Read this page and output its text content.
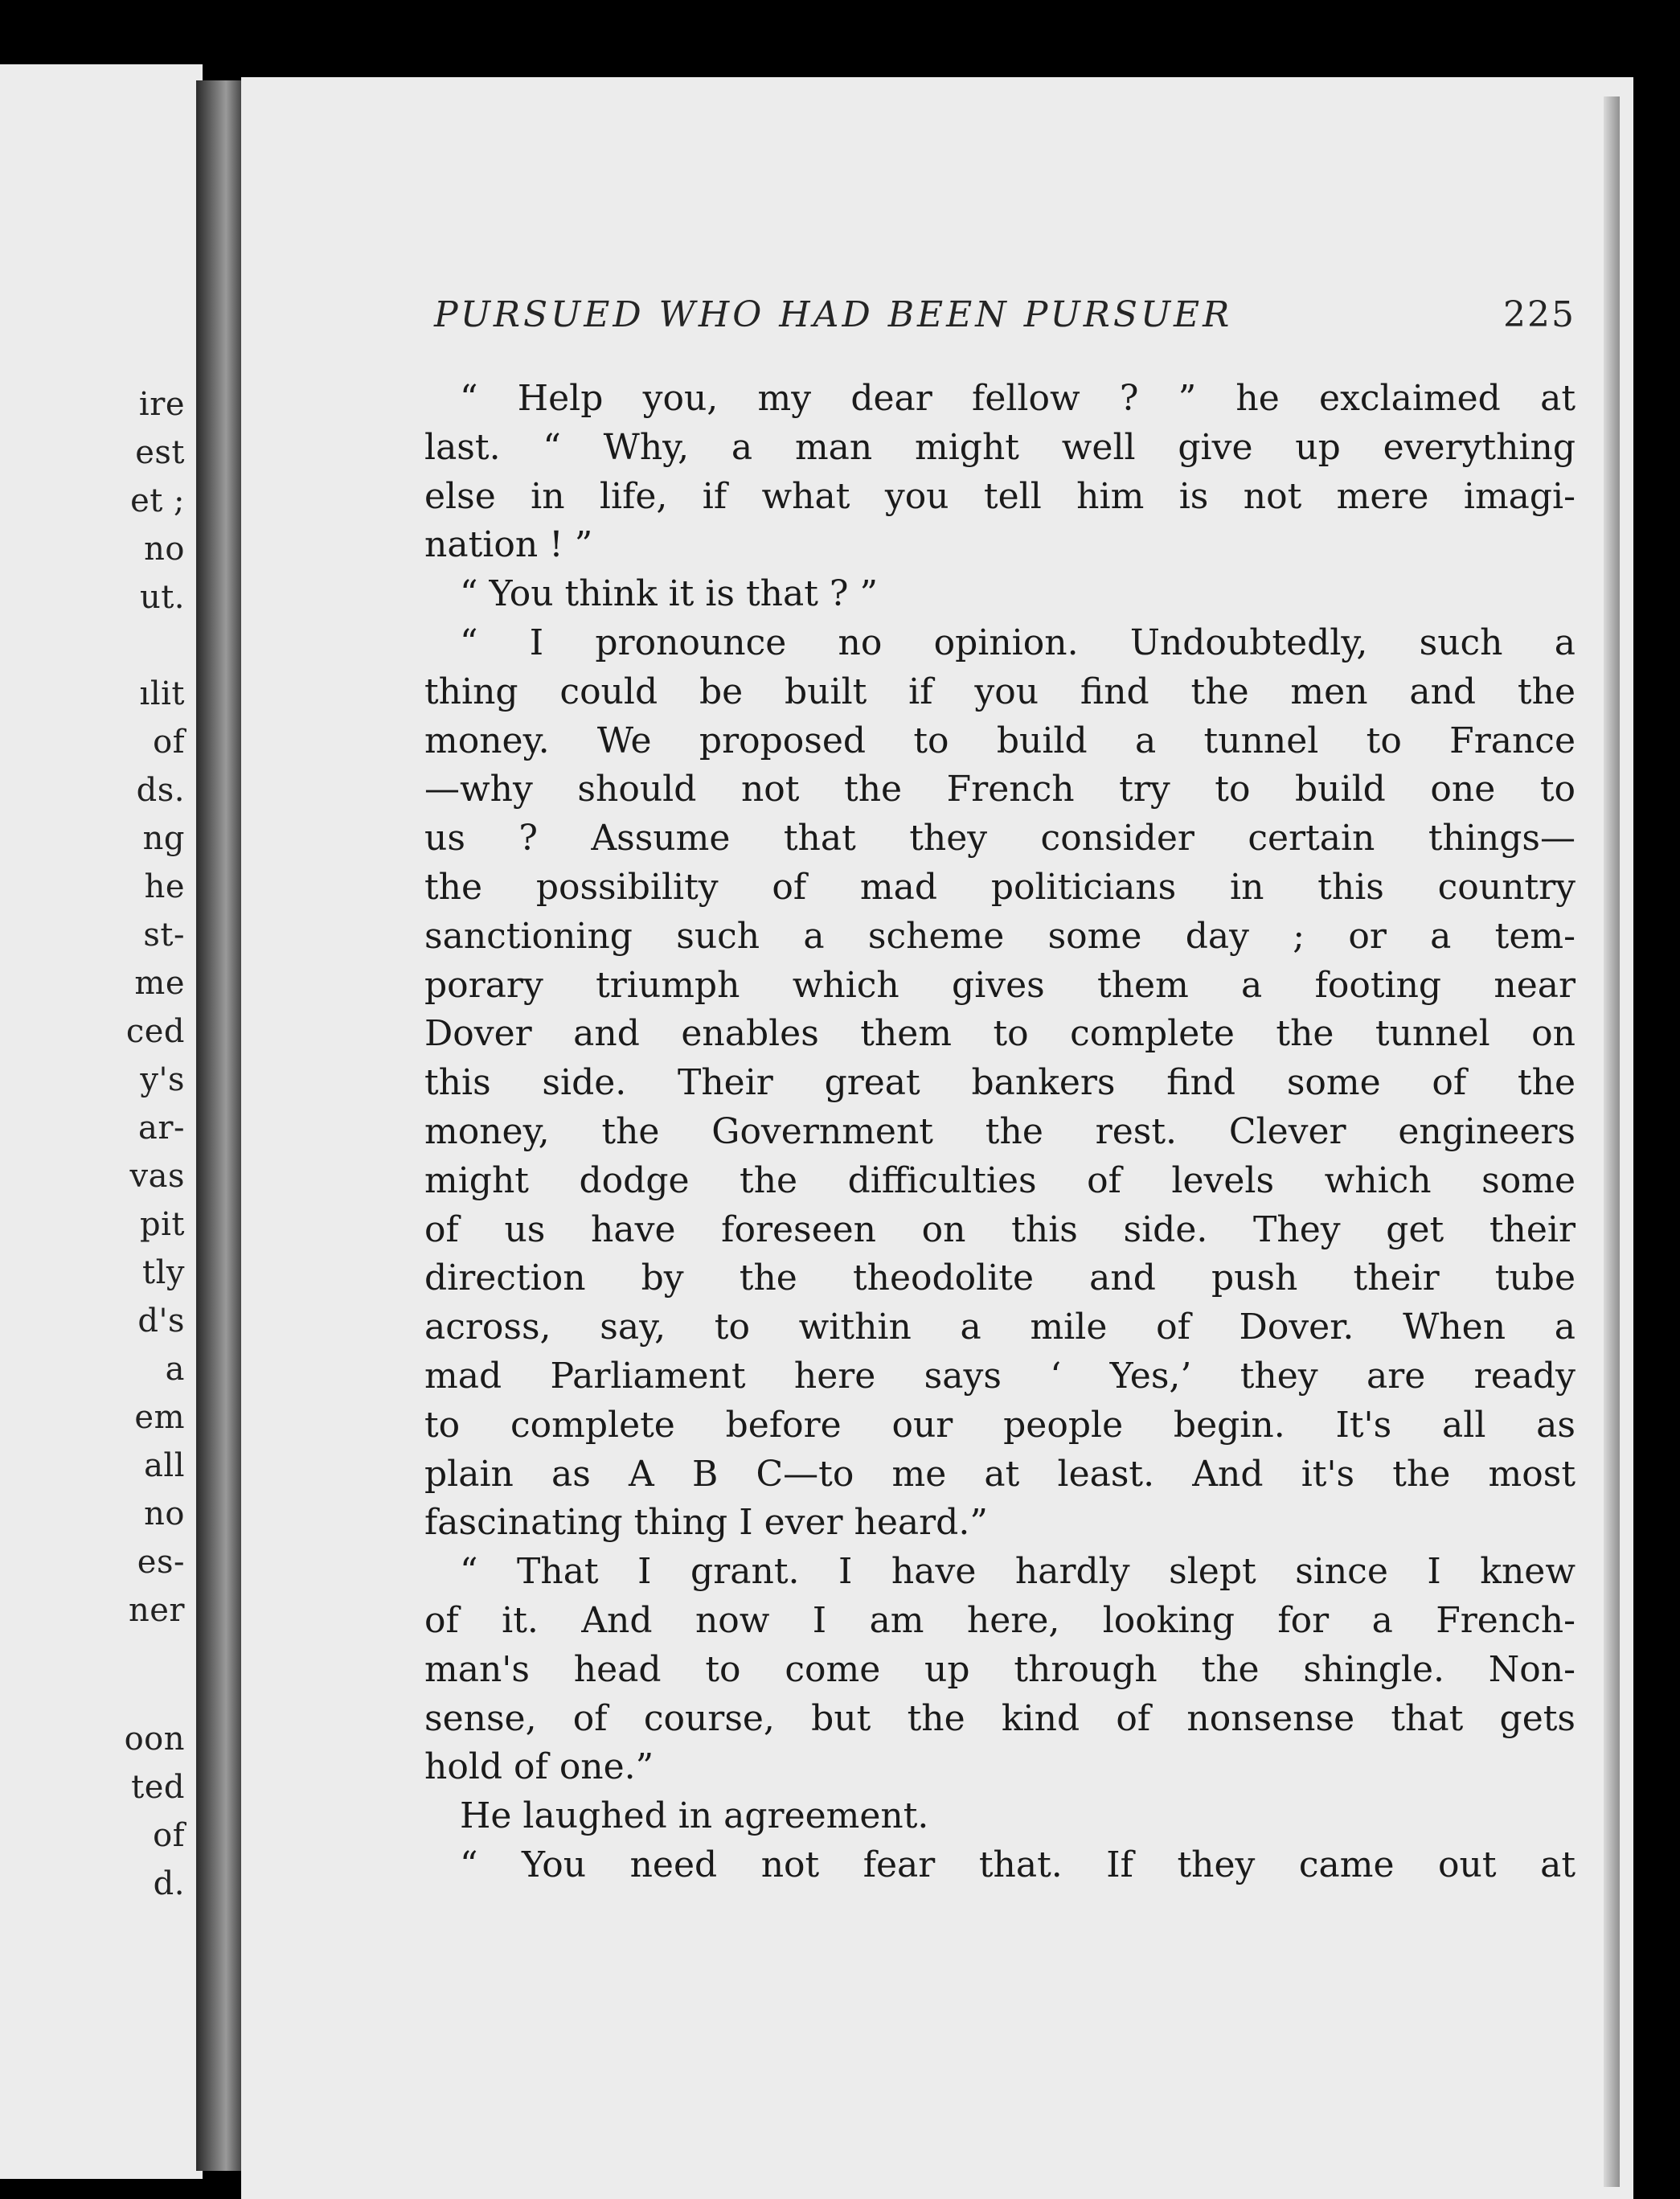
ire
est
et ;
no
ut.
ılit
of
ds.
ng
he
st-
me
ced
y's
ar-
vas
pit
tly
d's
a
em
all
no
es-
ner
oon
ted
of
d.
PURSUED WHO HAD BEEN PURSUER	225
“ Help you, my dear fellow ? ” he exclaimed at
last. “ Why, a man might well give up everything
else in life, if what you tell him is not mere imagi-
nation ! ”
“ You think it is that ? ”
“ I pronounce no opinion. Undoubtedly, such a
thing could be built if you find the men and the
money. We proposed to build a tunnel to France
—why should not the French try to build one to
us ? Assume that they consider certain things—
the possibility of mad politicians in this country
sanctioning such a scheme some day ; or a tem-
porary triumph which gives them a footing near
Dover and enables them to complete the tunnel on
this side. Their great bankers find some of the
money, the Government the rest. Clever engineers
might dodge the difficulties of levels which some
of us have foreseen on this side. They get their
direction by the theodolite and push their tube
across, say, to within a mile of Dover. When a
mad Parliament here says ‘ Yes,’ they are ready
to complete before our people begin. It's all as
plain as A B C—to me at least. And it's the most
fascinating thing I ever heard.”
“ That I grant. I have hardly slept since I knew
of it. And now I am here, looking for a French-
man's head to come up through the shingle. Non-
sense, of course, but the kind of nonsense that gets
hold of one.”
He laughed in agreement.
“ You need not fear that. If they came out at
